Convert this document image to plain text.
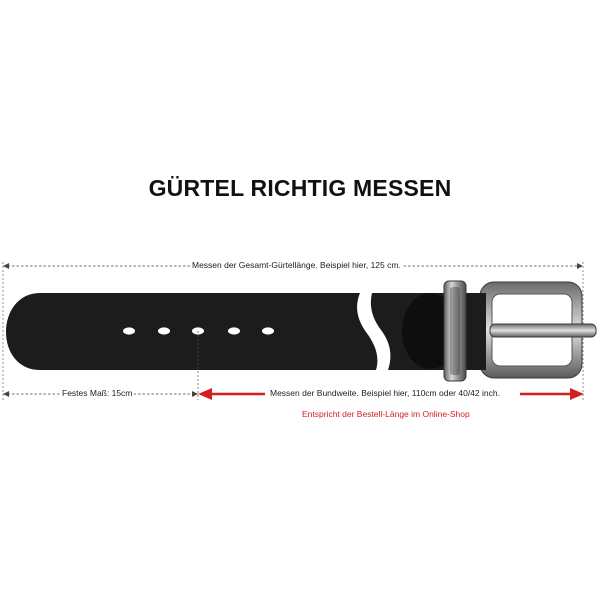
GÜRTEL RICHTIG MESSEN
Messen der Gesamt-Gürtellänge. Beispiel hier, 125 cm.
Festes Maß: 15cm	Messen der Bundweite. Beispiel hier, 110cm oder 40/42 inch.
Entspricht der Bestell-Länge im Online-Shop
